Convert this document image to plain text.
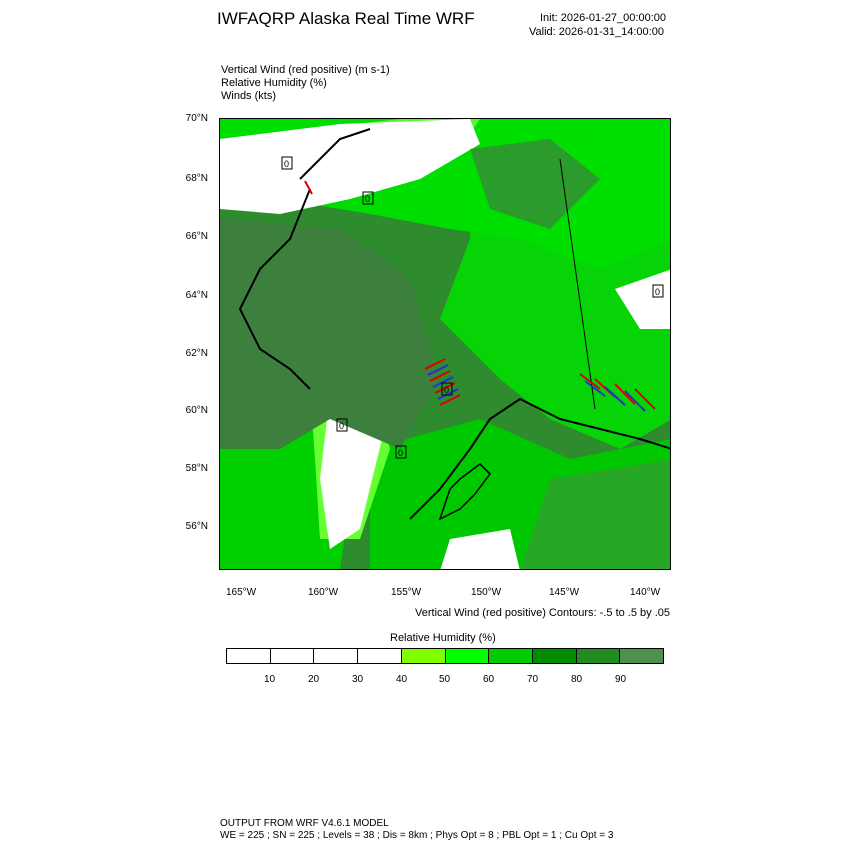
IWFAQRP Alaska Real Time WRF	Init: 2026-01-27_00:00:00
Valid: 2026-01-31_14:00:00
Vertical Wind (red positive) (m s-1)
Relative Humidity (%)
Winds (kts)
0
0
0
0
0
0
70°N
68°N
66°N
64°N
62°N
60°N
58°N
56°N
165°W	160°W	155°W	150°W	145°W	140°W
Vertical Wind (red positive) Contours: -.5 to .5 by .05
Relative Humidity (%)
10	20	30	40	50	60	70	80	90
OUTPUT FROM WRF V4.6.1 MODEL
WE = 225 ; SN = 225 ; Levels = 38 ; Dis = 8km ; Phys Opt = 8 ; PBL Opt = 1 ; Cu Opt = 3
